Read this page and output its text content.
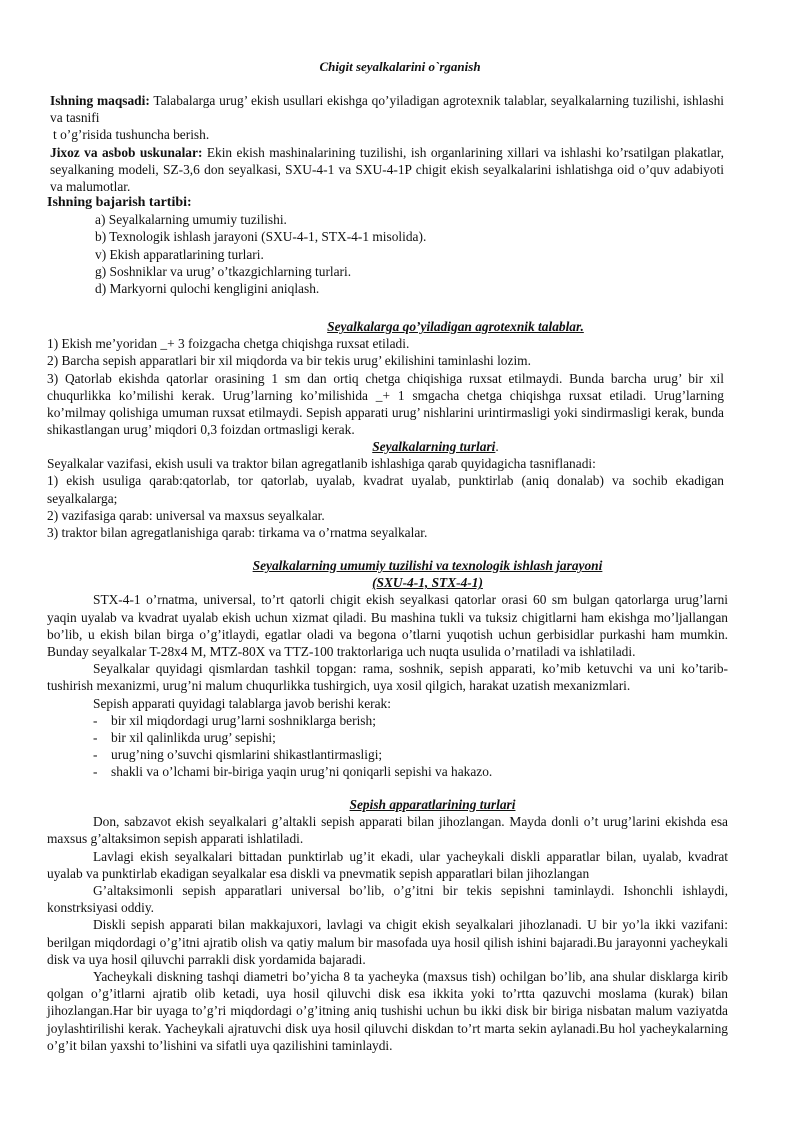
Chigit seyalkalarini o`rganish

Ishning maqsadi: Talabalarga urug’ ekish usullari ekishga qo’yiladigan agrotexnik talablar, seyalkalarning tuzilishi, ishlashi va tasnifi

t o’g’risida tushuncha berish.

Jixoz va asbob uskunalar: Ekin ekish mashinalarining tuzilishi, ish organlarining xillari va ishlashi ko’rsatilgan plakatlar, seyalkaning modeli, SZ-3,6 don seyalkasi, SXU-4-1 va SXU-4-1P chigit ekish seyalkalarini ishlatishga oid o’quv adabiyoti va malumotlar.

Ishning bajarish tartibi:

a) Seyalkalarning umumiy tuzilishi.

b) Texnologik ishlash jarayoni (SXU-4-1, STX-4-1 misolida).

v) Ekish apparatlarining turlari.

g) Soshniklar va urug’ o’tkazgichlarning turlari.

d) Markyorni qulochi kengligini aniqlash.

Seyalkalarga qo’yiladigan agrotexnik talablar.

1) Ekish me’yoridan _+ 3 foizgacha chetga chiqishga ruxsat etiladi.

2) Barcha sepish apparatlari bir xil miqdorda va bir tekis urug’ ekilishini taminlashi lozim.

3) Qatorlab ekishda qatorlar orasining 1 sm dan ortiq chetga chiqishiga ruxsat etilmaydi. Bunda barcha urug’ bir xil chuqurlikka ko’milishi kerak. Urug’larning ko’milishida _+ 1 smgacha chetga chiqishga ruxsat etiladi. Urug’larning ko’milmay qolishiga umuman ruxsat etilmaydi. Sepish apparati urug’ nishlarini urintirmasligi yoki sindirmasligi kerak, bunda shikastlangan urug’ miqdori 0,3 foizdan ortmasligi kerak.

Seyalkalarning turlari.

Seyalkalar vazifasi, ekish usuli va traktor bilan agregatlanib ishlashiga qarab quyidagicha tasniflanadi:

1) ekish usuliga qarab:qatorlab, tor qatorlab, uyalab, kvadrat uyalab, punktirlab (aniq donalab) va sochib ekadigan seyalkalarga;

2) vazifasiga qarab: universal va maxsus seyalkalar.

3) traktor bilan agregatlanishiga qarab: tirkama va o’rnatma seyalkalar.

Seyalkalarning umumiy tuzilishi va texnologik ishlash jarayoni

(SXU-4-1, STX-4-1)

STX-4-1 o’rnatma, universal, to’rt qatorli chigit ekish seyalkasi qatorlar orasi 60 sm bulgan qatorlarga urug’larni yaqin uyalab va kvadrat uyalab ekish uchun xizmat qiladi. Bu mashina tukli va tuksiz chigitlarni ham ekishga mo’ljallangan bo’lib, u ekish bilan birga o’g’itlaydi, egatlar oladi va begona o’tlarni yuqotish uchun gerbisidlar purkashi ham mumkin. Bunday seyalkalar T-28x4 M, MTZ-80X va TTZ-100 traktorlariga uch nuqta usulida o’rnatiladi va ishlatiladi.

Seyalkalar quyidagi qismlardan tashkil topgan: rama, soshnik, sepish apparati, ko’mib ketuvchi va uni ko’tarib-tushirish mexanizmi, urug’ni malum chuqurlikka tushirgich, uya xosil qilgich, harakat uzatish mexanizmlari.

Sepish apparati quyidagi talablarga javob berishi kerak:

- bir xil miqdordagi urug’larni soshniklarga berish;

- bir xil qalinlikda urug’ sepishi;

- urug’ning o’suvchi qismlarini shikastlantirmasligi;

- shakli va o’lchami bir-biriga yaqin urug’ni qoniqarli sepishi va hakazo.

Sepish apparatlarining turlari

Don, sabzavot ekish seyalkalari g’altakli sepish apparati bilan jihozlangan. Mayda donli o’t urug’larini ekishda esa maxsus g’altaksimon sepish apparati ishlatiladi.

Lavlagi ekish seyalkalari bittadan punktirlab ug’it ekadi, ular yacheykali diskli apparatlar bilan, uyalab, kvadrat uyalab va punktirlab ekadigan seyalkalar esa diskli va pnevmatik sepish apparatlari bilan jihozlangan

G’altaksimonli sepish apparatlari universal bo’lib, o’g’itni bir tekis sepishni taminlaydi. Ishonchli ishlaydi, konstrksiyasi oddiy.

Diskli sepish apparati bilan makkajuxori, lavlagi va chigit ekish seyalkalari jihozlanadi. U bir yo’la ikki vazifani: berilgan miqdordagi o’g’itni ajratib olish va qatiy malum bir masofada uya hosil qilish ishini bajaradi.Bu jarayonni yacheykali disk va uya hosil qiluvchi parrakli disk yordamida bajaradi.

Yacheykali diskning tashqi diametri bo’yicha 8 ta yacheyka (maxsus tish) ochilgan bo’lib, ana shular disklarga kirib qolgan o’g’itlarni ajratib olib ketadi, uya hosil qiluvchi disk esa ikkita yoki to’rtta qazuvchi moslama (kurak) bilan jihozlangan.Har bir uyaga to’g’ri miqdordagi o’g’itning aniq tushishi uchun bu ikki disk bir biriga nisbatan malum vaziyatda joylashtirilishi kerak. Yacheykali ajratuvchi disk uya hosil qiluvchi diskdan to’rt marta sekin aylanadi.Bu hol yacheykalarning o’g’it bilan yaxshi to’lishini va sifatli uya qazilishini taminlaydi.
